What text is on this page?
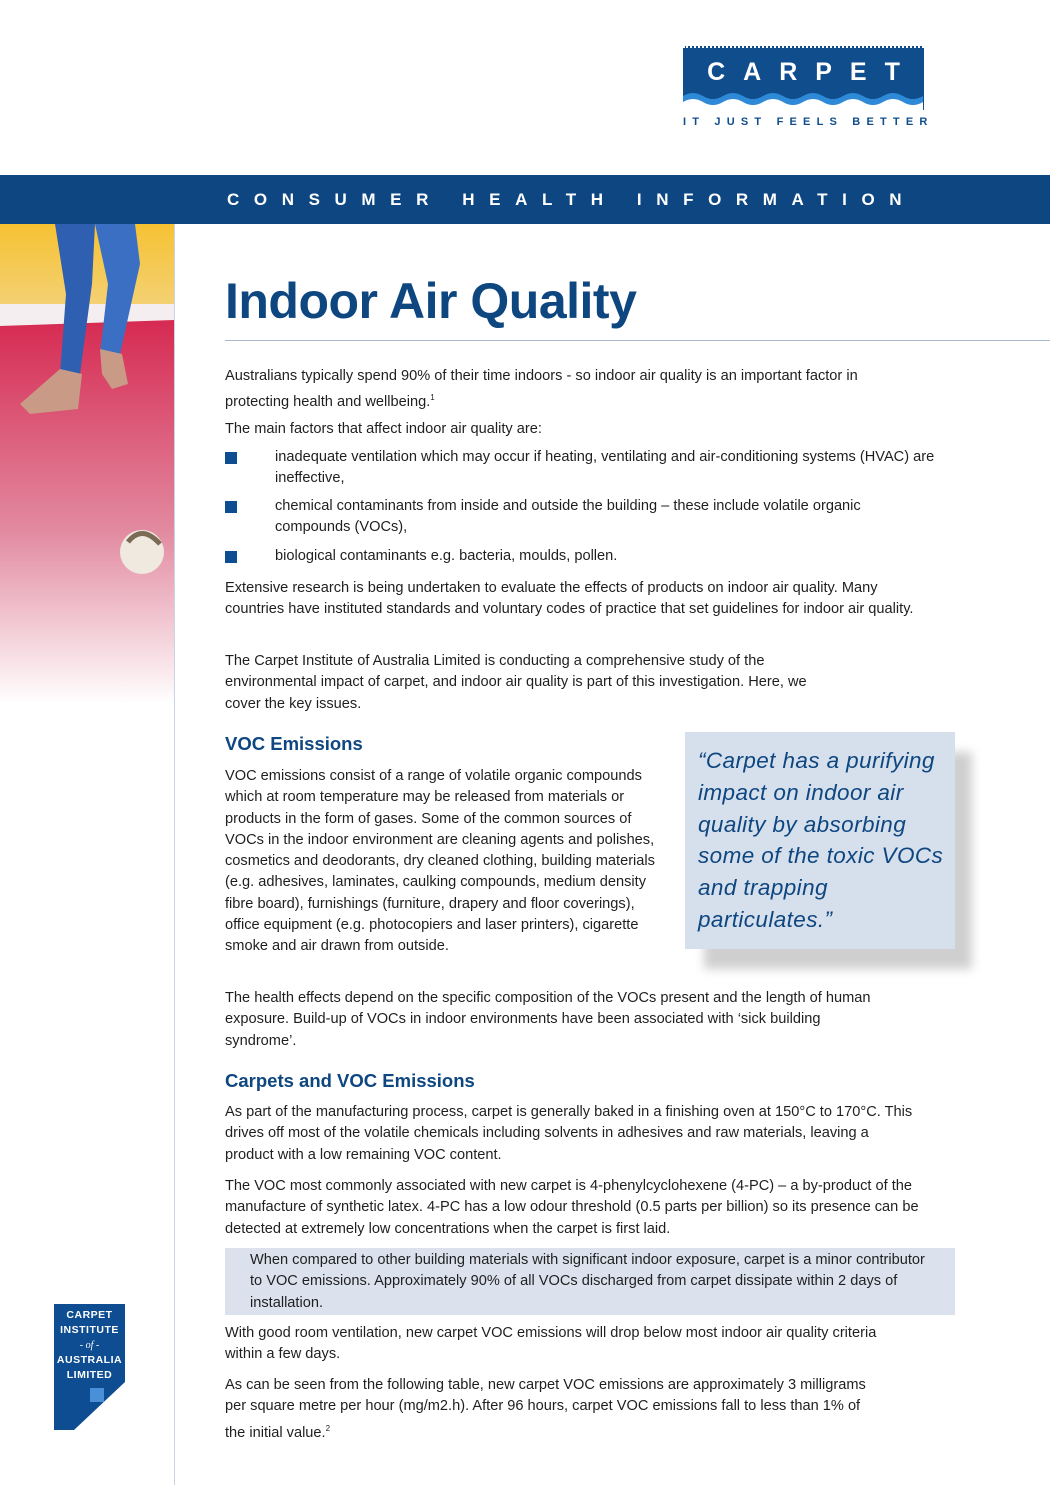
CARPET
IT JUST FEELS BETTER
CONSUMER HEALTH INFORMATION
Indoor Air Quality

Australians typically spend 90% of their time indoors - so indoor air quality is an important factor in protecting health and wellbeing.$^1$

The main factors that affect indoor air quality are:

inadequate ventilation which may occur if heating, ventilating and air-conditioning systems (HVAC) are ineffective,

chemical contaminants from inside and outside the building – these include volatile organic compounds (VOCs),

biological contaminants e.g. bacteria, moulds, pollen.

Extensive research is being undertaken to evaluate the effects of products on indoor air quality. Many countries have instituted standards and voluntary codes of practice that set guidelines for indoor air quality.

The Carpet Institute of Australia Limited is conducting a comprehensive study of the environmental impact of carpet, and indoor air quality is part of this investigation. Here, we cover the key issues.

VOC Emissions

VOC emissions consist of a range of volatile organic compounds which at room temperature may be released from materials or products in the form of gases. Some of the common sources of VOCs in the indoor environment are cleaning agents and polishes, cosmetics and deodorants, dry cleaned clothing, building materials (e.g. adhesives, laminates, caulking compounds, medium density fibre board), furnishings (furniture, drapery and floor coverings), office equipment (e.g. photocopiers and laser printers), cigarette smoke and air drawn from outside.

“Carpet has a purifying impact on indoor air quality by absorbing some of the toxic VOCs and trapping particulates.”

The health effects depend on the specific composition of the VOCs present and the length of human exposure. Build-up of VOCs in indoor environments have been associated with ‘sick building syndrome’.

Carpets and VOC Emissions

As part of the manufacturing process, carpet is generally baked in a finishing oven at 150°C to 170°C. This drives off most of the volatile chemicals including solvents in adhesives and raw materials, leaving a product with a low remaining VOC content.

The VOC most commonly associated with new carpet is 4-phenylcyclohexene (4-PC) – a by-product of the manufacture of synthetic latex. 4-PC has a low odour threshold (0.5 parts per billion) so its presence can be detected at extremely low concentrations when the carpet is first laid.

When compared to other building materials with significant indoor exposure, carpet is a minor contributor to VOC emissions. Approximately 90% of all VOCs discharged from carpet dissipate within 2 days of installation.

With good room ventilation, new carpet VOC emissions will drop below most indoor air quality criteria within a few days.

As can be seen from the following table, new carpet VOC emissions are approximately 3 milligrams per square metre per hour (mg/m2.h). After 96 hours, carpet VOC emissions fall to less than 1% of the initial value.$^2$

CARPET
INSTITUTE
- of -
AUSTRALIA
LIMITED
